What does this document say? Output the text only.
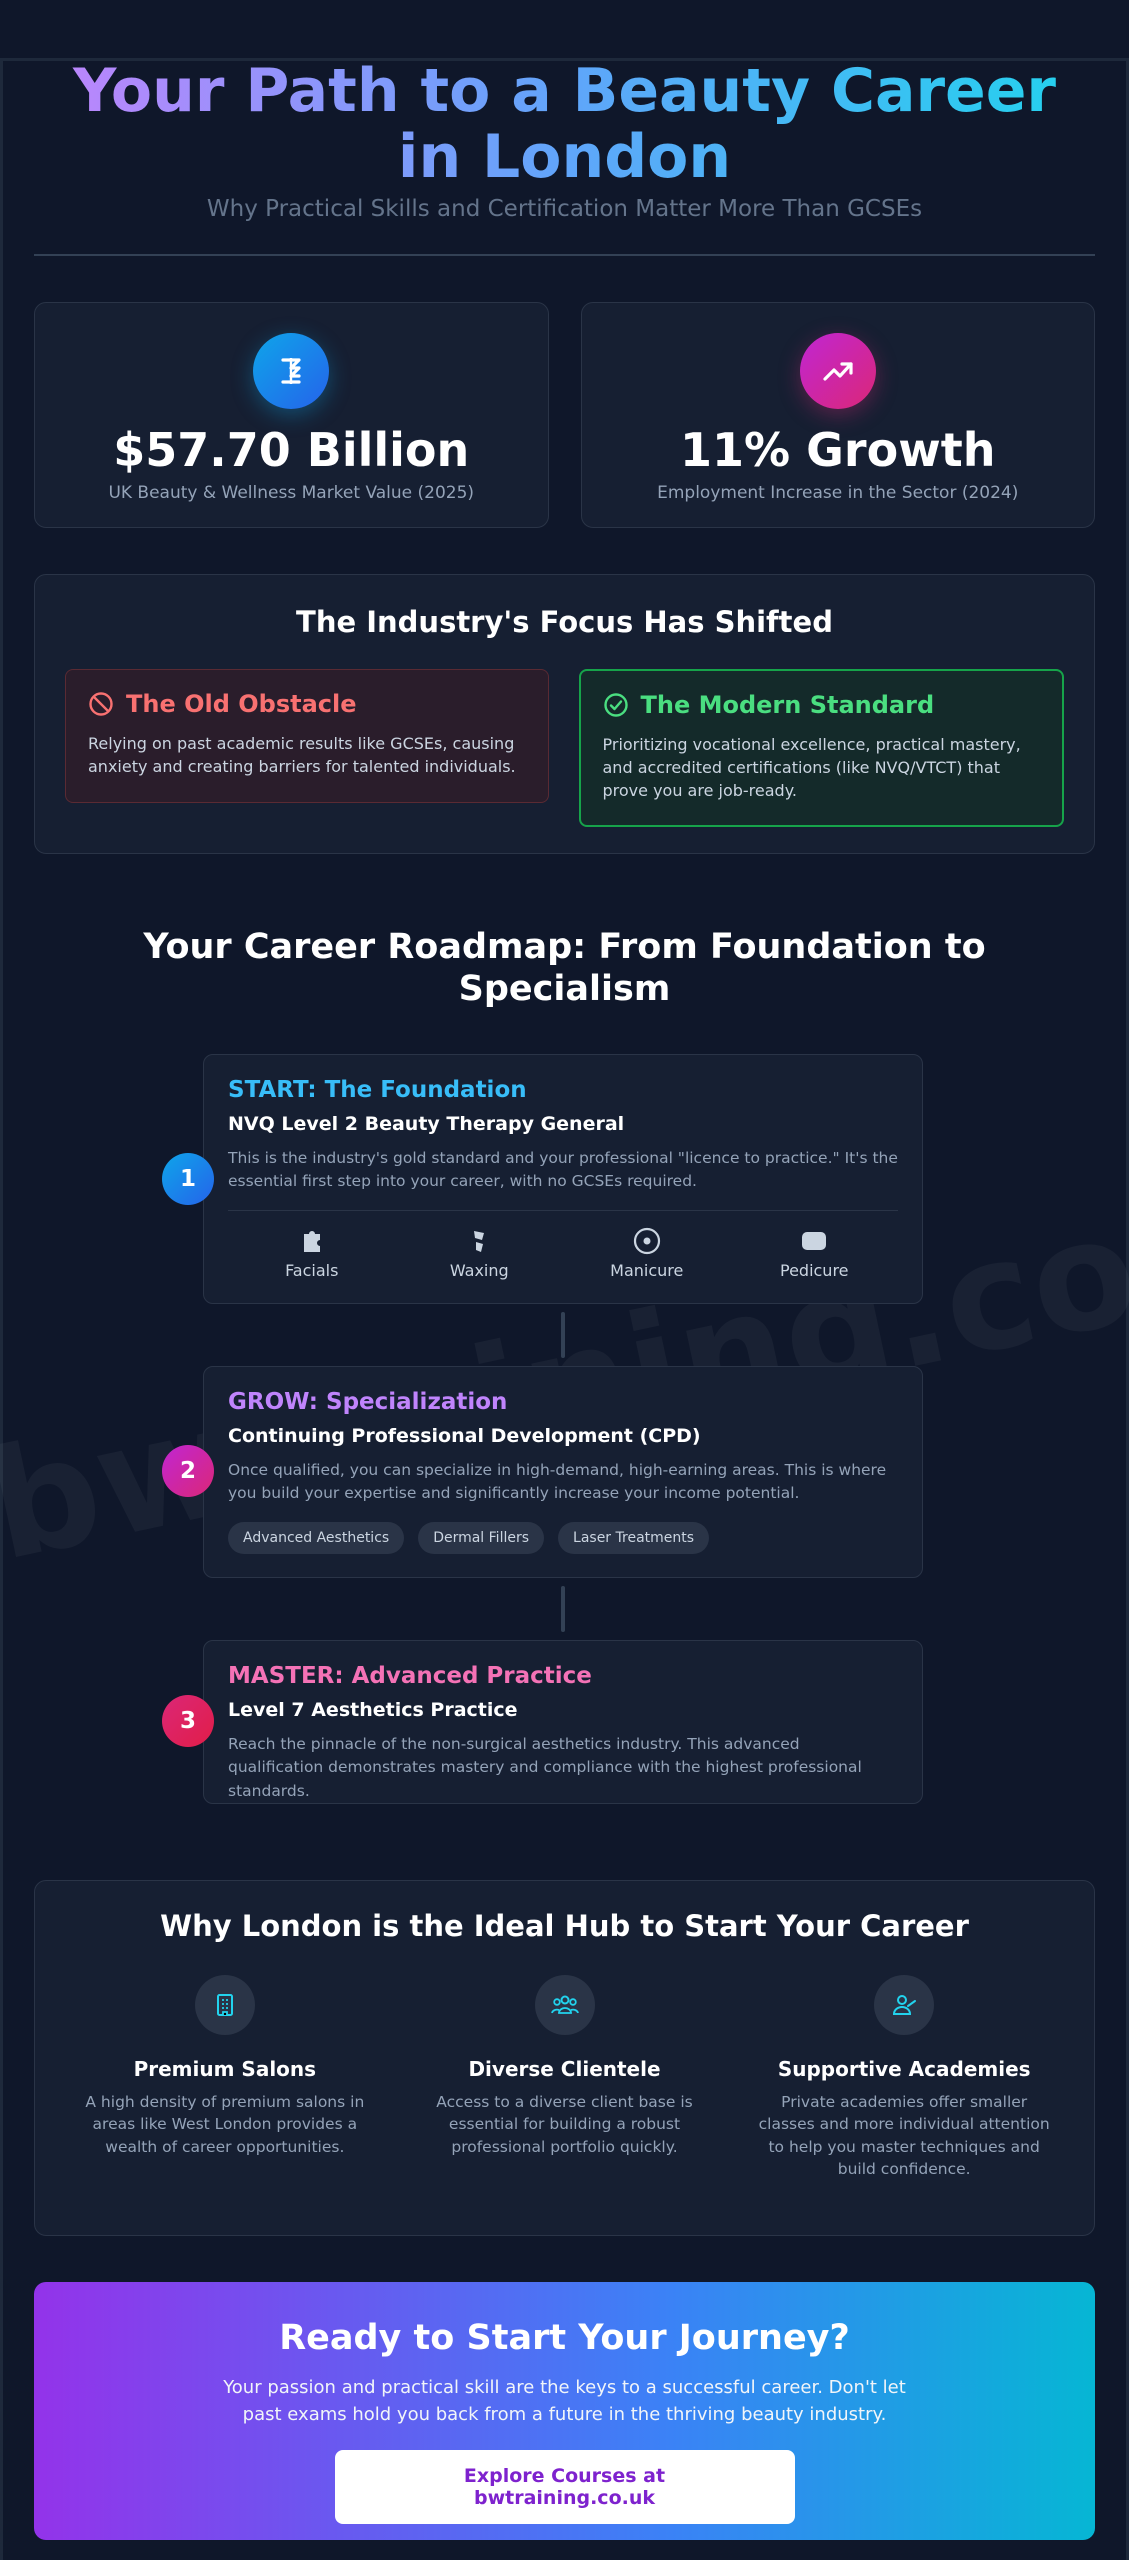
Your Path to a Beauty Career in London
Why Practical Skills and Certification Matter More Than GCSEs
$57.70 Billion
UK Beauty & Wellness Market Value (2025)
11% Growth
Employment Increase in the Sector (2024)
The Industry's Focus Has Shifted
The Old Obstacle
Relying on past academic results like GCSEs, causing anxiety and creating barriers for talented individuals.
The Modern Standard
Prioritizing vocational excellence, practical mastery, and accredited certifications (like NVQ/VTCT) that prove you are job-ready.
Your Career Roadmap: From Foundation to Specialism
1
START: The Foundation
NVQ Level 2 Beauty Therapy General
This is the industry's gold standard and your professional "licence to practice." It's the essential first step into your career, with no GCSEs required.
Facials	Waxing	Manicure	Pedicure
2
GROW: Specialization
Continuing Professional Development (CPD)
Once qualified, you can specialize in high-demand, high-earning areas. This is where you build your expertise and significantly increase your income potential.
Advanced Aesthetics	Dermal Fillers	Laser Treatments
3
MASTER: Advanced Practice
Level 7 Aesthetics Practice
Reach the pinnacle of the non-surgical aesthetics industry. This advanced qualification demonstrates mastery and compliance with the highest professional standards.
Why London is the Ideal Hub to Start Your Career
Premium Salons
A high density of premium salons in areas like West London provides a wealth of career opportunities.
Diverse Clientele
Access to a diverse client base is essential for building a robust professional portfolio quickly.
Supportive Academies
Private academies offer smaller classes and more individual attention to help you master techniques and build confidence.
Ready to Start Your Journey?
Your passion and practical skill are the keys to a successful career. Don't let past exams hold you back from a future in the thriving beauty industry.
Explore Courses at bwtraining.co.uk
